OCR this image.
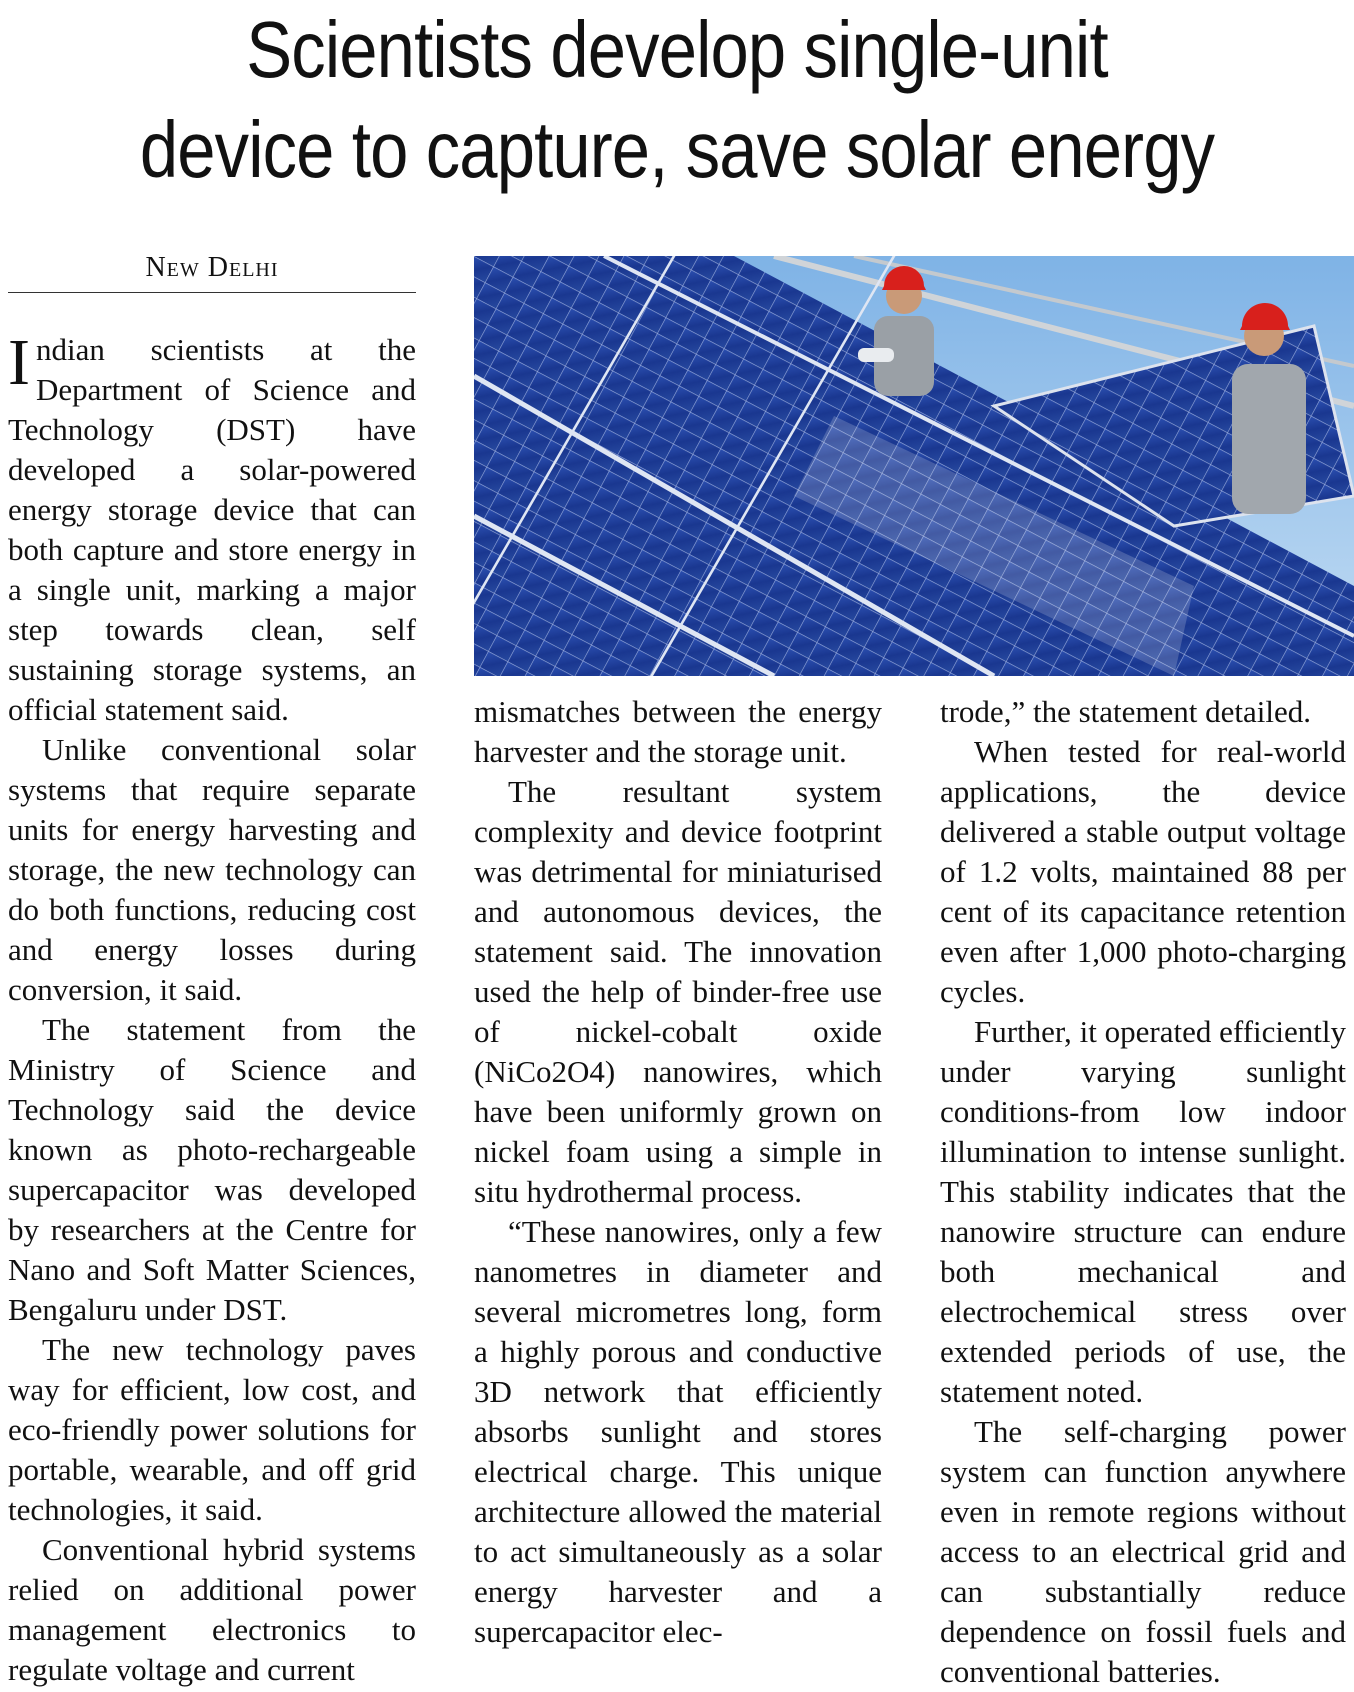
Scientists develop single-unit
device to capture, save solar energy
New Delhi

Indian scientists at the Department of Science and Technology (DST) have developed a solar-powered energy storage device that can both capture and store energy in a single unit, marking a major step towards clean, self sustaining storage systems, an official statement said.

Unlike conventional solar systems that require separate units for energy harvesting and storage, the new technology can do both functions, reducing cost and energy losses during conversion, it said.

The statement from the Ministry of Science and Technology said the device known as photo-rechargeable supercapacitor was developed by researchers at the Centre for Nano and Soft Matter Sciences, Bengaluru under DST.

The new technology paves way for efficient, low cost, and eco-friendly power solutions for portable, wearable, and off grid technologies, it said.

Conventional hybrid systems relied on additional power management electronics to regulate voltage and current

mismatches between the energy harvester and the storage unit.

The resultant system complexity and device footprint was detrimental for miniaturised and autonomous devices, the statement said. The innovation used the help of binder-free use of nickel-cobalt oxide (NiCo2O4) nanowires, which have been uniformly grown on nickel foam using a simple in situ hydrothermal process.

“These nanowires, only a few nanometres in diameter and several micrometres long, form a highly porous and conductive 3D network that efficiently absorbs sunlight and stores electrical charge. This unique architecture allowed the material to act simultaneously as a solar energy harvester and a supercapacitor elec-

trode,” the statement detailed.

When tested for real-world applications, the device delivered a stable output voltage of 1.2 volts, maintained 88 per cent of its capacitance retention even after 1,000 photo-charging cycles.

Further, it operated efficiently under varying sunlight conditions-from low indoor illumination to intense sunlight. This stability indicates that the nanowire structure can endure both mechanical and electrochemical stress over extended periods of use, the statement noted.

The self-charging power system can function anywhere even in remote regions without access to an electrical grid and can substantially reduce dependence on fossil fuels and conventional batteries.
